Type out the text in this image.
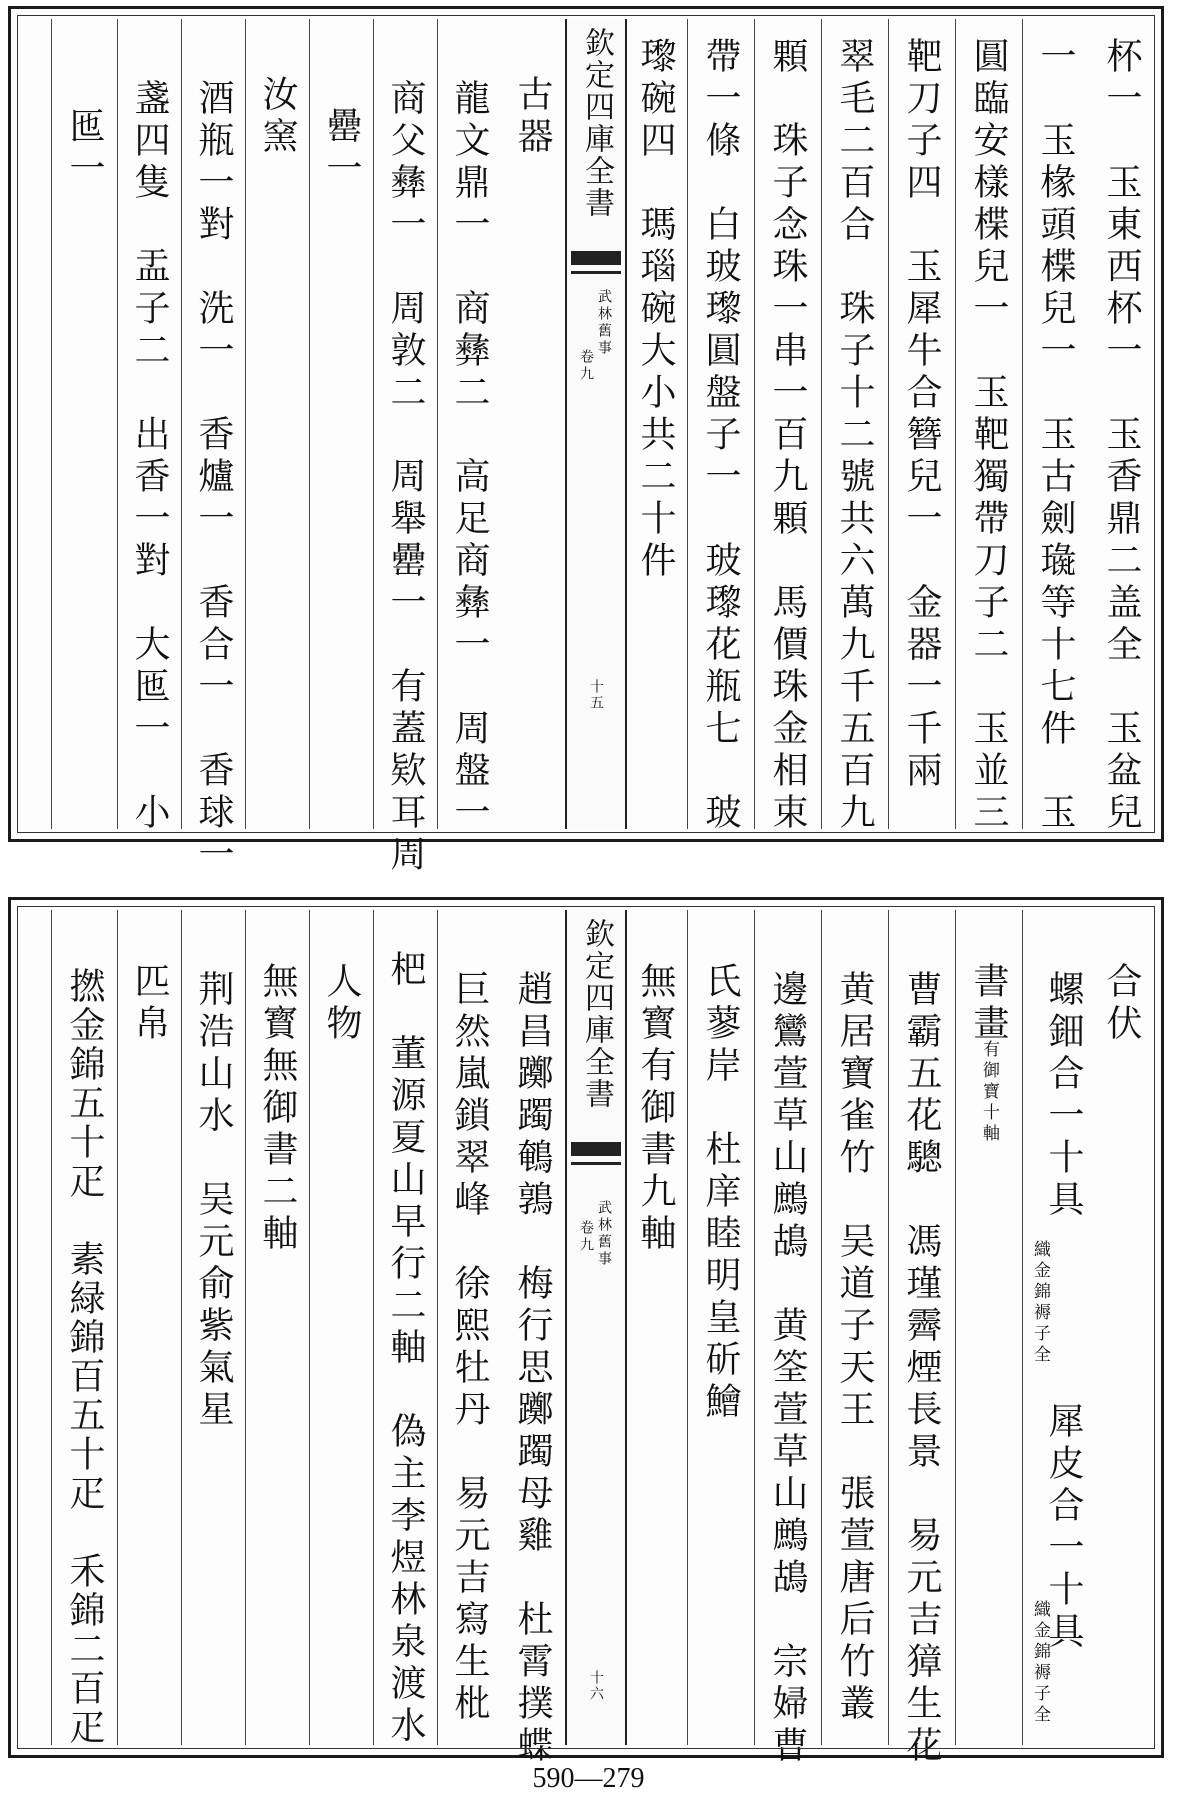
杯一　玉東西杯一　玉香鼎二盖全　玉盆兒
一　玉椽頭楪兒一　玉古劍璏等十七件　玉
圓臨安樣楪兒一　玉靶獨帶刀子二　玉並三
靶刀子四　玉犀牛合簪兒一　金器一千兩
翠毛二百合　珠子十二號共六萬九千五百九
顆　珠子念珠一串一百九顆　馬價珠金相束
帶一條　白玻瓈圓盤子一　玻瓈花瓶七　玻
瓈碗四　瑪瑙碗大小共二十件
欽定四庫全書
武林舊事
卷九
十五
古器
　龍文鼎一　商彝二　高足商彝一　周盤一
　商父彝一　周敦二　周舉罍一　有蓋欵耳周
罍一
汝窯
　酒瓶一對　洗一　香爐一　香合一　香球一
　盞四隻　盂子二　出香一對　大匜一　小
匜一
合伏
　螺鈿合一十具
織金錦褥子全
　犀皮合一十具
織金錦褥子全
書畫
有御寶十軸
　曹霸五花驄　馮瑾霽煙長景　易元吉獐生花
　黄居寶雀竹　吴道子天王　張萱唐后竹叢
　邊鸞萱草山鷓鴣　黄筌萱草山鷓鴣　宗婦曹
氏蓼岸　杜庠睦明皇斫鱠
無寳有御書九軸
欽定四庫全書
武林舊事
卷九
十六
　趙昌躑躅鵪鶉　梅行思躑躅母雞　杜霄撲蝶
　巨然嵐鎖翠峰　徐熙牡丹　易元吉寫生枇
杷　董源夏山早行二軸　偽主李煜林泉渡水
人物
無寳無御書二軸
　荆浩山水　吴元俞紫氣星
匹帛
　撚金錦五十疋　素緑錦百五十疋　禾錦二百疋
590—279
